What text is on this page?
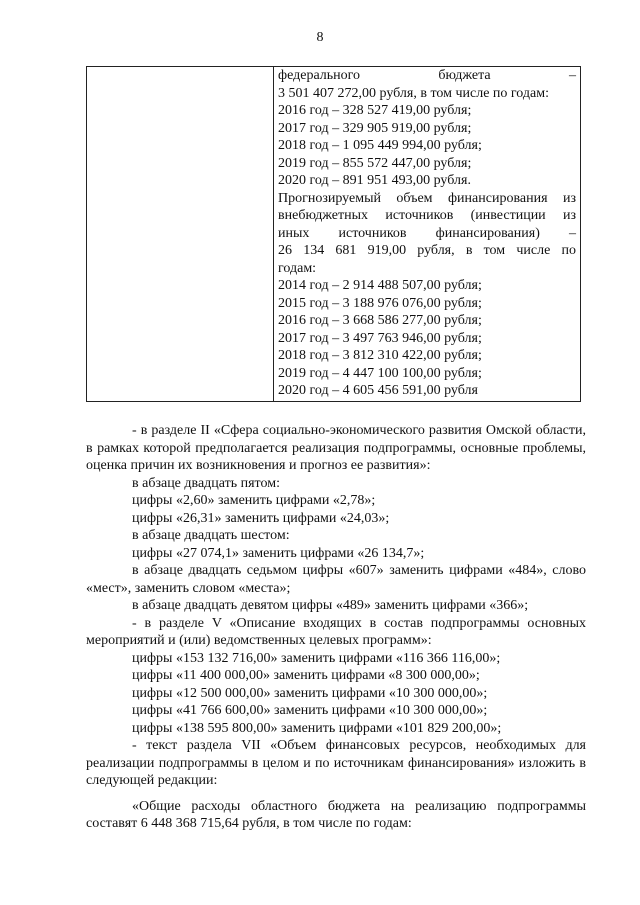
8

федерального	бюджета	–
3 501 407 272,00 рубля, в том числе по годам:
2016 год – 328 527 419,00 рубля;
2017 год – 329 905 919,00 рубля;
2018 год – 1 095 449 994,00 рубля;
2019 год – 855 572 447,00 рубля;
2020 год – 891 951 493,00 рубля.
Прогнозируемый объем финансирования из
внебюджетных источников (инвестиции из
иных источников финансирования) –
26 134 681 919,00 рубля, в том числе по
годам:
2014 год – 2 914 488 507,00 рубля;
2015 год – 3 188 976 076,00 рубля;
2016 год – 3 668 586 277,00 рубля;
2017 год – 3 497 763 946,00 рубля;
2018 год – 3 812 310 422,00 рубля;
2019 год – 4 447 100 100,00 рубля;
2020 год – 4 605 456 591,00 рубля
- в разделе II «Сфера социально-экономического развития Омской области, в рамках которой предполагается реализация подпрограммы, основные проблемы, оценка причин их возникновения и прогноз ее развития»:
в абзаце двадцать пятом:
цифры «2,60» заменить цифрами «2,78»;
цифры «26,31» заменить цифрами «24,03»;
в абзаце двадцать шестом:
цифры «27 074,1» заменить цифрами «26 134,7»;
в абзаце двадцать седьмом цифры «607» заменить цифрами «484», слово «мест», заменить словом «места»;
в абзаце двадцать девятом цифры «489» заменить цифрами «366»;
- в разделе V «Описание входящих в состав подпрограммы основных мероприятий и (или) ведомственных целевых программ»:
цифры «153 132 716,00» заменить цифрами «116 366 116,00»;
цифры «11 400 000,00» заменить цифрами «8 300 000,00»;
цифры «12 500 000,00» заменить цифрами «10 300 000,00»;
цифры «41 766 600,00» заменить цифрами «10 300 000,00»;
цифры «138 595 800,00» заменить цифрами «101 829 200,00»;
- текст раздела VII «Объем финансовых ресурсов, необходимых для реализации подпрограммы в целом и по источникам финансирования» изложить в следующей редакции:
«Общие расходы областного бюджета на реализацию подпрограммы составят 6 448 368 715,64 рубля, в том числе по годам:
